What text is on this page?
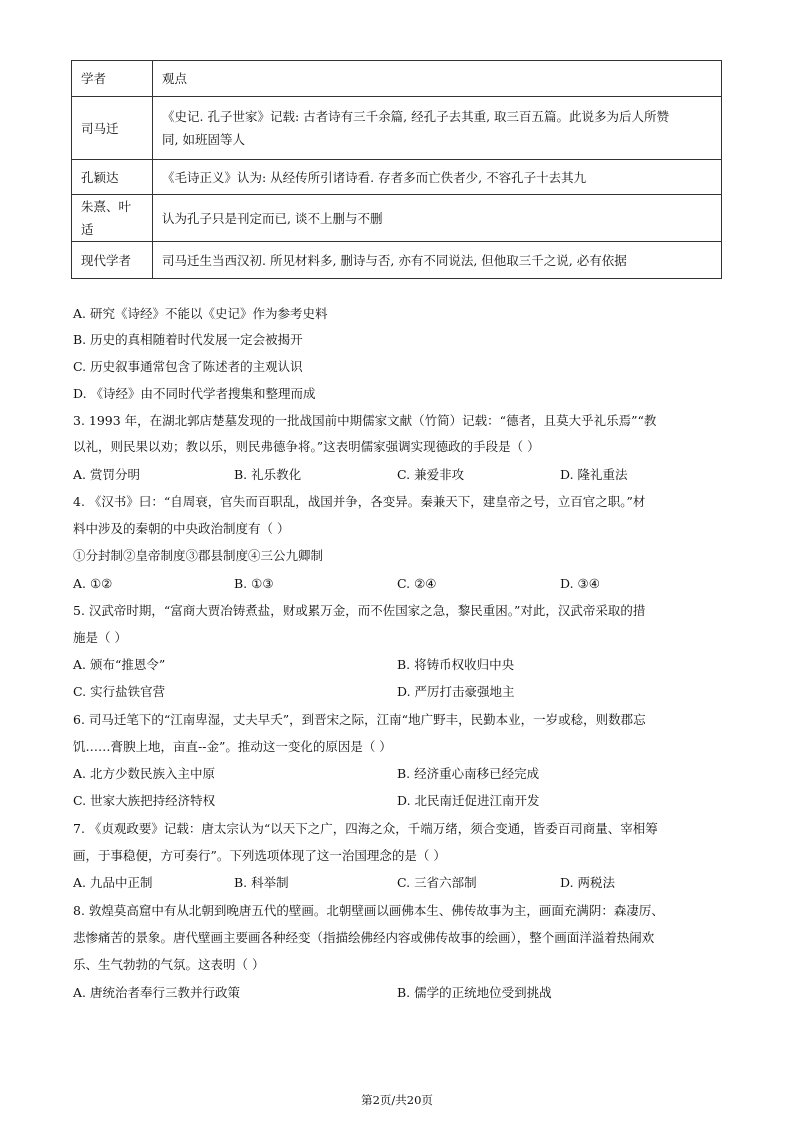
学者	观点
司马迁	《史记. 孔子世家》记载: 古者诗有三千余篇, 经孔子去其重, 取三百五篇。此说多为后人所赞
同, 如班固等人

孔颖达	《毛诗正义》认为: 从经传所引诸诗看. 存者多而亡佚者少, 不容孔子十去其九
朱熹、叶适	认为孔子只是刊定而已, 谈不上删与不删
现代学者	司马迁生当西汉初. 所见材料多, 删诗与否, 亦有不同说法, 但他取三千之说, 必有依据
A. 研究《诗经》不能以《史记》作为参考史料
B. 历史的真相随着时代发展一定会被揭开
C. 历史叙事通常包含了陈述者的主观认识
D. 《诗经》由不同时代学者搜集和整理而成
3. 1993 年，在湖北郭店楚墓发现的一批战国前中期儒家文献（竹简）记载：“德者，且莫大乎礼乐焉”“教
以礼，则民果以劝；教以乐，则民弗德争将。”这表明儒家强调实现德政的手段是（ ）
A. 赏罚分明	B. 礼乐教化	C. 兼爱非攻	D. 隆礼重法
4. 《汉书》曰：“自周衰，官失而百职乱，战国并争，各变异。秦兼天下，建皇帝之号，立百官之职。”材
料中涉及的秦朝的中央政治制度有（ ）
①分封制②皇帝制度③郡县制度④三公九卿制
A. ①②	B. ①③	C. ②④	D. ③④
5. 汉武帝时期，“富商大贾冶铸煮盐，财或累万金，而不佐国家之急，黎民重困。”对此，汉武帝采取的措
施是（ ）
A. 颁布“推恩令”	B. 将铸币权收归中央
C. 实行盐铁官营	D. 严厉打击豪强地主
6. 司马迁笔下的“江南卑湿，丈夫早夭”，到晋宋之际，江南“地广野丰，民勤本业，一岁或稔，则数郡忘
饥……膏腴上地，亩直--金”。推动这一变化的原因是（ ）
A. 北方少数民族入主中原	B. 经济重心南移已经完成
C. 世家大族把持经济特权	D. 北民南迁促进江南开发
7. 《贞观政要》记载：唐太宗认为“以天下之广，四海之众，千端万绪，须合变通，皆委百司商量、宰相筹
画，于事稳便，方可奏行”。下列选项体现了这一治国理念的是（ ）
A. 九品中正制	B. 科举制	C. 三省六部制	D. 两税法
8. 敦煌莫高窟中有从北朝到晚唐五代的壁画。北朝壁画以画佛本生、佛传故事为主，画面充满阴：森凄厉、
悲惨痛苦的景象。唐代壁画主要画各种经变（指描绘佛经内容或佛传故事的绘画），整个画面洋溢着热闹欢
乐、生气勃勃的气氛。这表明（ ）
A. 唐统治者奉行三教并行政策	B. 儒学的正统地位受到挑战
第2页/共20页
